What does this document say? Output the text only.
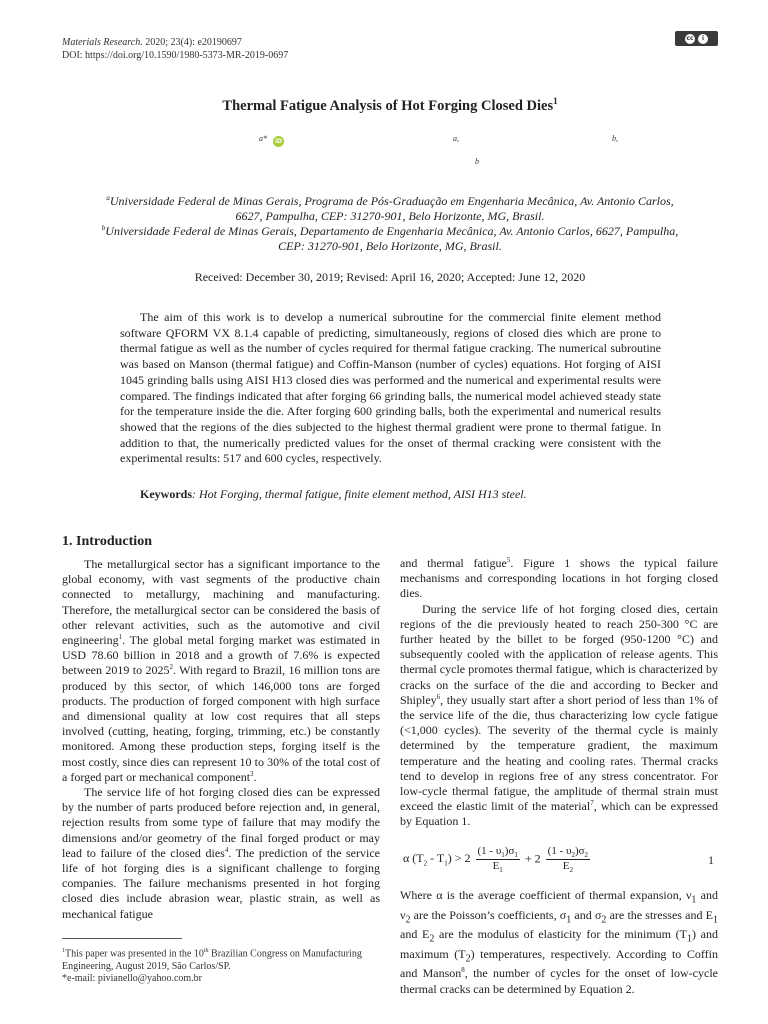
Materials Research. 2020; 23(4): e20190697
DOI: https://doi.org/10.1590/1980-5373-MR-2019-0697
cc	i
Thermal Fatigue Analysis of Hot Forging Closed Dies$^1$
a*	iD	a,	b,
b
$^a$Universidade Federal de Minas Gerais, Programa de Pós-Graduação em Engenharia Mecânica, Av. Antonio Carlos, 6627, Pampulha, CEP: 31270-901, Belo Horizonte, MG, Brasil.
$^b$Universidade Federal de Minas Gerais, Departamento de Engenharia Mecânica, Av. Antonio Carlos, 6627, Pampulha, CEP: 31270-901, Belo Horizonte, MG, Brasil.
Received: December 30, 2019; Revised: April 16, 2020; Accepted: June 12, 2020
The aim of this work is to develop a numerical subroutine for the commercial finite element method software QFORM VX 8.1.4 capable of predicting, simultaneously, regions of closed dies which are prone to thermal fatigue as well as the number of cycles required for thermal fatigue cracking. The numerical subroutine was based on Manson (thermal fatigue) and Coffin-Manson (number of cycles) equations. Hot forging of AISI 1045 grinding balls using AISI H13 closed dies was performed and the numerical and experimental results were compared. The findings indicated that after forging 66 grinding balls, the numerical model achieved steady state for the temperature inside the die. After forging 600 grinding balls, both the experimental and numerical results showed that the regions of the dies subjected to the highest thermal gradient were prone to thermal fatigue. In addition to that, the numerically predicted values for the onset of thermal cracking were consistent with the experimental results: 517 and 600 cycles, respectively.
Keywords: Hot Forging, thermal fatigue, finite element method, AISI H13 steel.
1. Introduction

The metallurgical sector has a significant importance to the global economy, with vast segments of the productive chain connected to metallurgy, machining and manufacturing. Therefore, the metallurgical sector can be considered the basis of other relevant activities, such as the automotive and civil engineering$^1$. The global metal forging market was estimated in USD 78.60 billion in 2018 and a growth of 7.6% is expected between 2019 to 2025$^2$. With regard to Brazil, 16 million tons are produced by this sector, of which 146,000 tons are forged products. The production of forged component with high surface and dimensional quality at low cost requires that all steps involved (cutting, heating, forging, trimming, etc.) be constantly monitored. Among these production steps, forging itself is the most costly, since dies can represent 10 to 30% of the total cost of a forged part or mechanical component$^3$.

The service life of hot forging closed dies can be expressed by the number of parts produced before rejection and, in general, rejection results from some type of failure that may modify the dimensions and/or geometry of the final forged product or may lead to failure of the closed dies$^4$. The prediction of the service life of hot forging dies is a significant challenge to forging companies. The failure mechanisms presented in hot forging closed dies include abrasion wear, plastic strain, as well as mechanical fatigue

and thermal fatigue$^5$. Figure 1 shows the typical failure mechanisms and corresponding locations in hot forging closed dies.

During the service life of hot forging closed dies, certain regions of the die previously heated to reach 250-300 °C are further heated by the billet to be forged (950-1200 °C) and subsequently cooled with the application of release agents. This thermal cycle promotes thermal fatigue, which is characterized by cracks on the surface of the die and according to Becker and Shipley$^6$, they usually start after a short period of less than 1% of the service life of the die, thus characterizing low cycle fatigue (<1,000 cycles). The severity of the thermal cycle is mainly determined by the temperature gradient, the maximum temperature and the heating and cooling rates. Thermal cracks tend to develop in regions free of any stress concentrator. For low-cycle thermal fatigue, the amplitude of thermal strain must exceed the elastic limit of the material$^7$, which can be expressed by Equation 1.

α $(T_2 - T_1) > 2 \frac{(1 - \upsilon_1)\sigma_1}{E_1} + 2 \frac{(1 - \upsilon_2)\sigma_2}{E_2}$	1

Where α is the average coefficient of thermal expansion, $\nu_1$ and $\nu_2$ are the Poisson’s coefficients, $\sigma_1$ and $\sigma_2$ are the stresses and $E_1$ and $E_2$ are the modulus of elasticity for the minimum $(T_1)$ and maximum $(T_2)$ temperatures, respectively. According to Coffin and Manson$^8$, the number of cycles for the onset of low-cycle thermal cracks can be determined by Equation 2.

$^1$This paper was presented in the 10th Brazilian Congress on Manufacturing Engineering, August 2019, São Carlos/SP.

*e-mail: pivianello@yahoo.com.br
